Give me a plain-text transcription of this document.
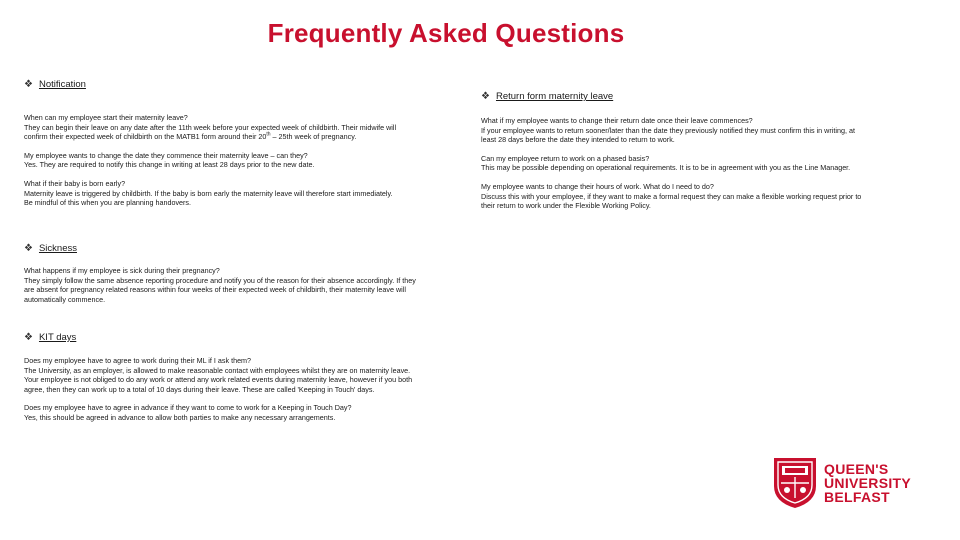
Frequently Asked Questions
❖ Notification

When can my employee start their maternity leave?

They can begin their leave on any date after the 11th week before your expected week of childbirth. Their midwife will

confirm their expected week of childbirth on the MATB1 form around their 20th – 25th week of pregnancy.

My employee wants to change the date they commence their maternity leave – can they?

Yes. They are required to notify this change in writing at least 28 days prior to the new date.

What if their baby is born early?

Maternity leave is triggered by childbirth. If the baby is born early the maternity leave will therefore start immediately.

Be mindful of this when you are planning handovers.

❖ Sickness

What happens if my employee is sick during their pregnancy?

They simply follow the same absence reporting procedure and notify you of the reason for their absence accordingly. If they

are absent for pregnancy related reasons within four weeks of their expected week of childbirth, their maternity leave will

automatically commence.

❖ KIT days

Does my employee have to agree to work during their ML if I ask them?

The University, as an employer, is allowed to make reasonable contact with employees whilst they are on maternity leave.

Your employee is not obliged to do any work or attend any work related events during maternity leave, however if you both

agree, then they can work up to a total of 10 days during their leave. These are called 'Keeping in Touch' days.

Does my employee have to agree in advance if they want to come to work for a Keeping in Touch Day?

Yes, this should be agreed in advance to allow both parties to make any necessary arrangements.

❖ Return form maternity leave

What if my employee wants to change their return date once their leave commences?

If your employee wants to return sooner/later than the date they previously notified they must confirm this in writing, at

least 28 days before the date they intended to return to work.

Can my employee return to work on a phased basis?

This may be possible depending on operational requirements. It is to be in agreement with you as the Line Manager.

My employee wants to change their hours of work. What do I need to do?

Discuss this with your employee, if they want to make a formal request they can make a flexible working request prior to

their return to work under the Flexible Working Policy.

QUEEN'S
UNIVERSITY
BELFAST
